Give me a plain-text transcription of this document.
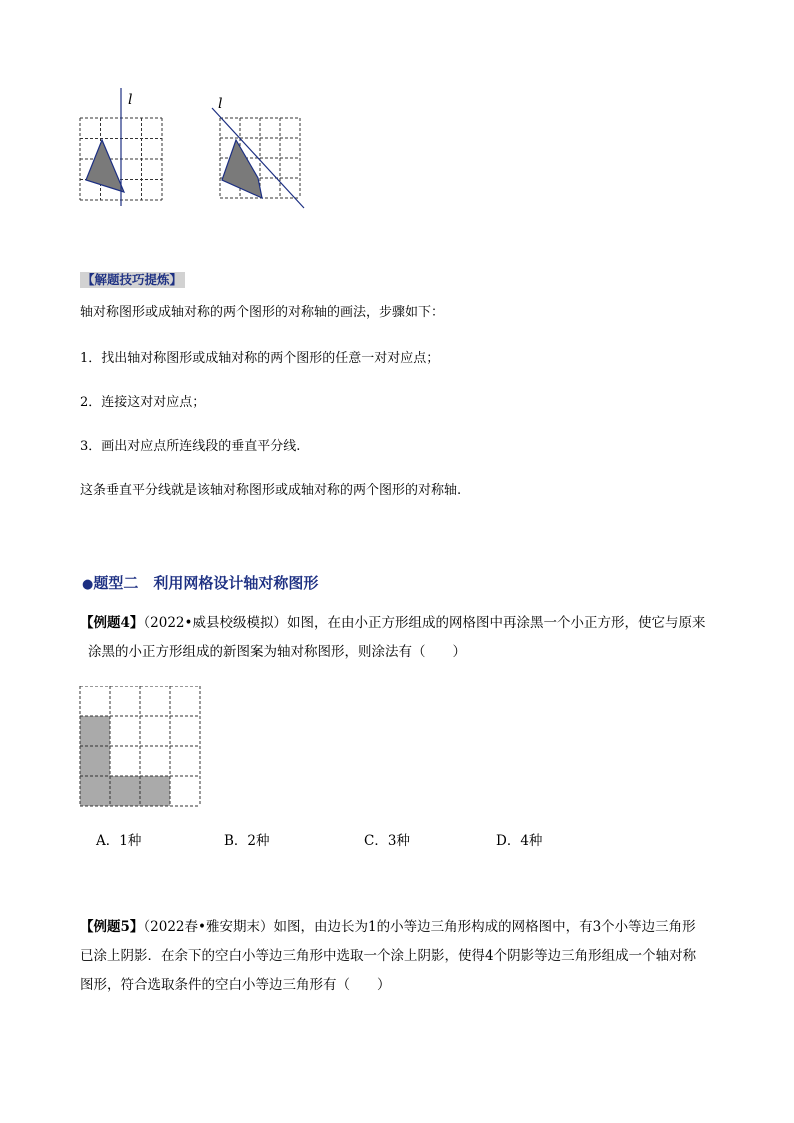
l	l
【解题技巧提炼】
轴对称图形或成轴对称的两个图形的对称轴的画法，步骤如下：
1．找出轴对称图形或成轴对称的两个图形的任意一对对应点；
2．连接这对对应点；
3．画出对应点所连线段的垂直平分线.
这条垂直平分线就是该轴对称图形或成轴对称的两个图形的对称轴.
●题型二　利用网格设计轴对称图形
【例题4】（2022•威县校级模拟）如图，在由小正方形组成的网格图中再涂黑一个小正方形，使它与原来
涂黑的小正方形组成的新图案为轴对称图形，则涂法有（　　）
A．1种	B．2种	C．3种	D．4种
【例题5】（2022春•雅安期末）如图，由边长为1的小等边三角形构成的网格图中，有3个小等边三角形
已涂上阴影．在余下的空白小等边三角形中选取一个涂上阴影，使得4个阴影等边三角形组成一个轴对称
图形，符合选取条件的空白小等边三角形有（　　）
